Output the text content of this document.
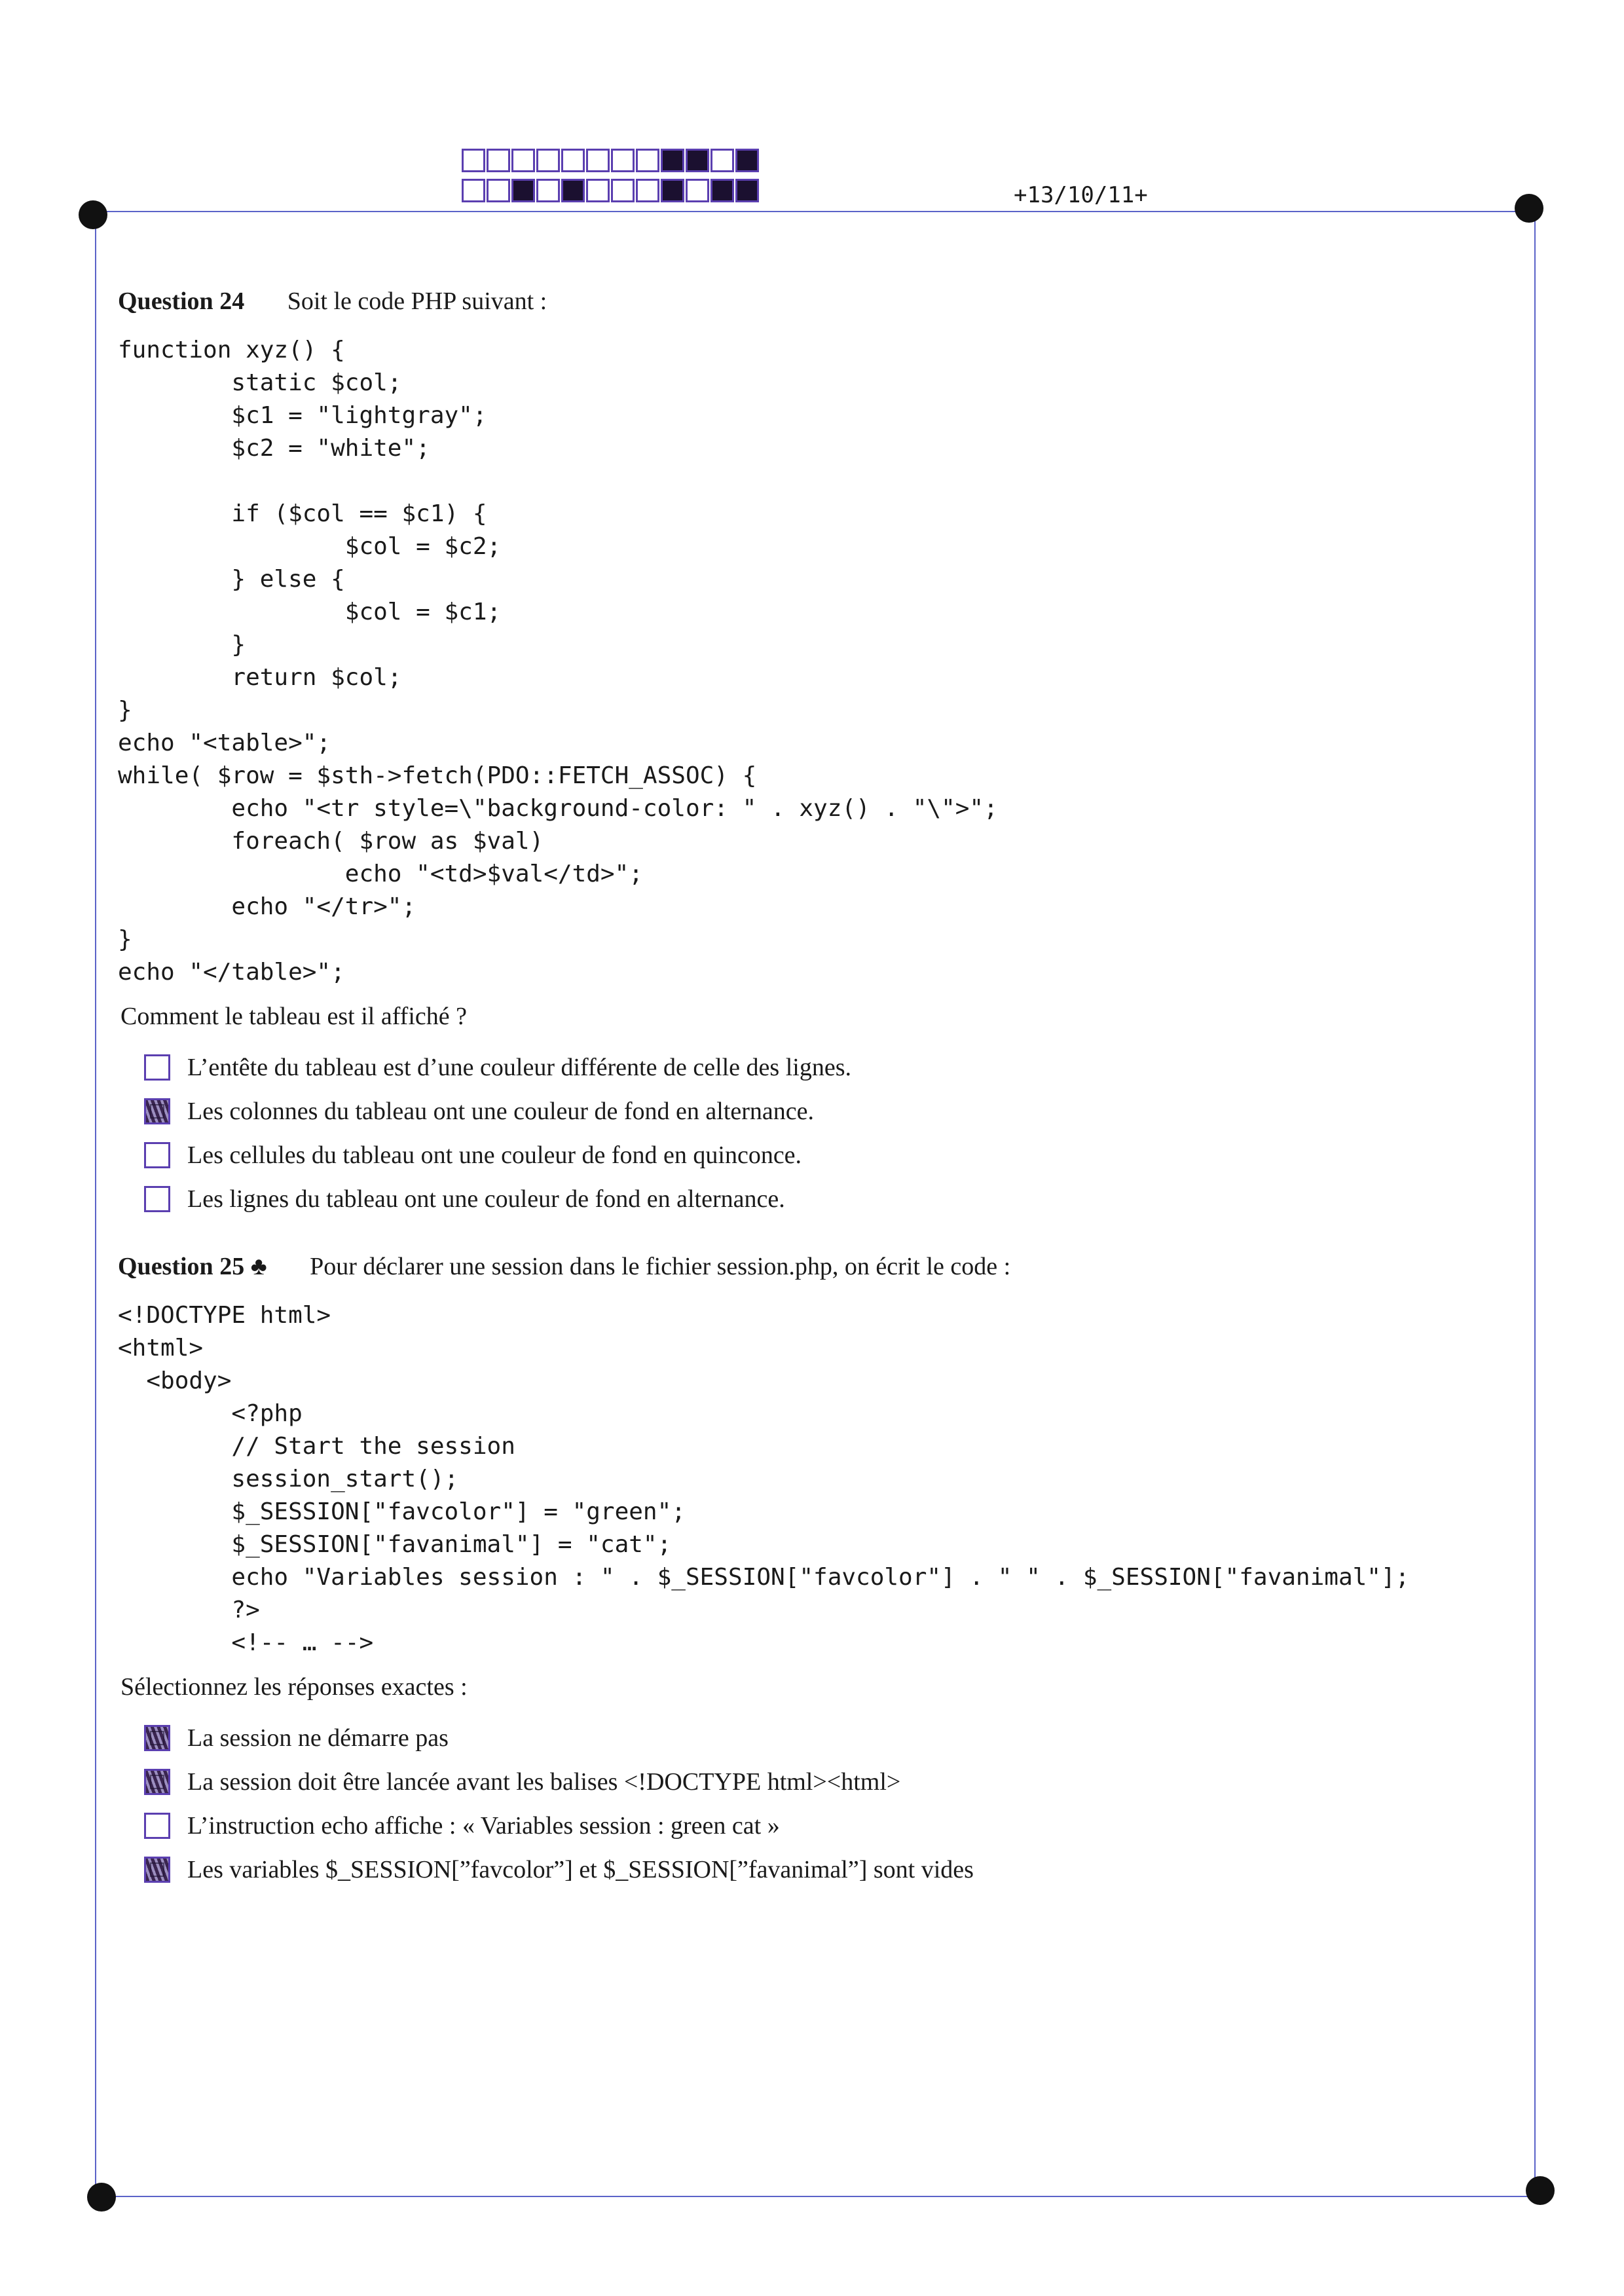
+13/10/11+
Question 24 Soit le code PHP suivant :
function xyz() {
static $col;
$c1 = "lightgray";
$c2 = "white";

if ($col == $c1) {
$col = $c2;
} else {
$col = $c1;
}
return $col;
}
echo "<table>";
while( $row = $sth->fetch(PDO::FETCH_ASSOC) {
echo "<tr style=\"background-color: " . xyz() . "\">";
foreach( $row as $val)
echo "<td>$val</td>";
echo "</tr>";
}
echo "</table>";
Comment le tableau est il affiché ?
L’entête du tableau est d’une couleur différente de celle des lignes.
Les colonnes du tableau ont une couleur de fond en alternance.
Les cellules du tableau ont une couleur de fond en quinconce.
Les lignes du tableau ont une couleur de fond en alternance.
Question 25 ♣ Pour déclarer une session dans le fichier session.php, on écrit le code :
<!DOCTYPE html>
<html>
<body>
<?php
// Start the session
session_start();
$_SESSION["favcolor"] = "green";
$_SESSION["favanimal"] = "cat";
echo "Variables session : " . $_SESSION["favcolor"] . " " . $_SESSION["favanimal"];
?>
<!-- … -->
Sélectionnez les réponses exactes :
La session ne démarre pas
La session doit être lancée avant les balises <!DOCTYPE html><html>
L’instruction echo affiche : « Variables session : green cat »
Les variables $_SESSION[”favcolor”] et $_SESSION[”favanimal”] sont vides
